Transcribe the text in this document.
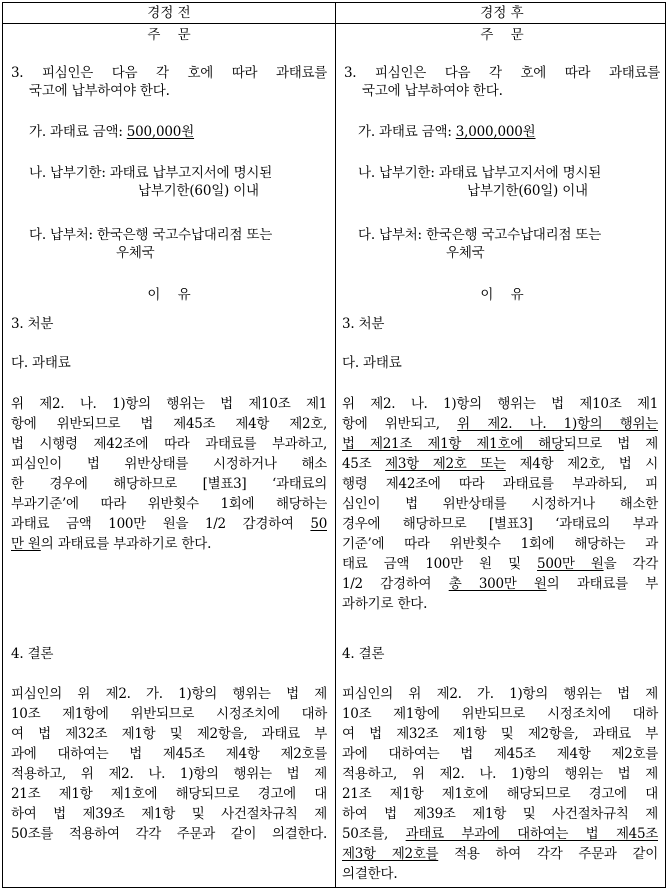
경정 전
주    문
3. 피심인은 다음 각 호에 따라 과태료를
국고에 납부하여야 한다.
가. 과태료 금액: 500,000원
나. 납부기한: 과태료 납부고지서에 명시된
납부기한(60일) 이내
다. 납부처: 한국은행 국고수납대리점 또는
우체국
이    유
3. 처분
다. 과태료
위 제2. 나. 1)항의 행위는 법 제10조 제1
항에 위반되므로 법 제45조 제4항 제2호,
법 시행령 제42조에 따라 과태료를 부과하고,
피심인이 법 위반상태를 시정하거나 해소
한 경우에 해당하므로 [별표3] ‘과태료의
부과기준’에 따라 위반횟수 1회에 해당하는
과태료 금액 100만 원을 1/2 감경하여 50
만 원의 과태료를 부과하기로 한다.
4. 결론
피심인의 위 제2. 가. 1)항의 행위는 법 제
10조 제1항에 위반되므로 시정조치에 대하
여 법 제32조 제1항 및 제2항을, 과태료 부
과에 대하여는 법 제45조 제4항 제2호를
적용하고, 위 제2. 나. 1)항의 행위는 법 제
21조 제1항 제1호에 해당되므로 경고에 대
하여 법 제39조 제1항 및 사건절차규칙 제
50조를 적용하여 각각 주문과 같이 의결한다.
경정 후
주    문
3. 피심인은 다음 각 호에 따라 과태료를
국고에 납부하여야 한다.
가. 과태료 금액: 3,000,000원
나. 납부기한: 과태료 납부고지서에 명시된
납부기한(60일) 이내
다. 납부처: 한국은행 국고수납대리점 또는
우체국
이    유
3. 처분
다. 과태료
위 제2. 나. 1)항의 행위는 법 제10조 제1
항에 위반되고, 위 제2. 나. 1)항의 행위는
법 제21조 제1항 제1호에 해당되므로 법 제
45조 제3항 제2호 또는 제4항 제2호, 법 시
행령 제42조에 따라 과태료를 부과하되, 피
심인이 법 위반상태를 시정하거나 해소한
경우에 해당하므로 [별표3] ‘과태료의 부과
기준’에 따라 위반횟수 1회에 해당하는 과
태료 금액 100만 원 및 500만 원을 각각
1/2 감경하여 총 300만 원의 과태료를 부
과하기로 한다.
4. 결론
피심인의 위 제2. 가. 1)항의 행위는 법 제
10조 제1항에 위반되므로 시정조치에 대하
여 법 제32조 제1항 및 제2항을, 과태료 부
과에 대하여는 법 제45조 제4항 제2호를
적용하고, 위 제2. 나. 1)항의 행위는 법 제
21조 제1항 제1호에 해당되므로 경고에 대
하여 법 제39조 제1항 및 사건절차규칙 제
50조를, 과태료 부과에 대하여는 법 제45조
제3항 제2호를 적용 하여 각각 주문과 같이
의결한다.
